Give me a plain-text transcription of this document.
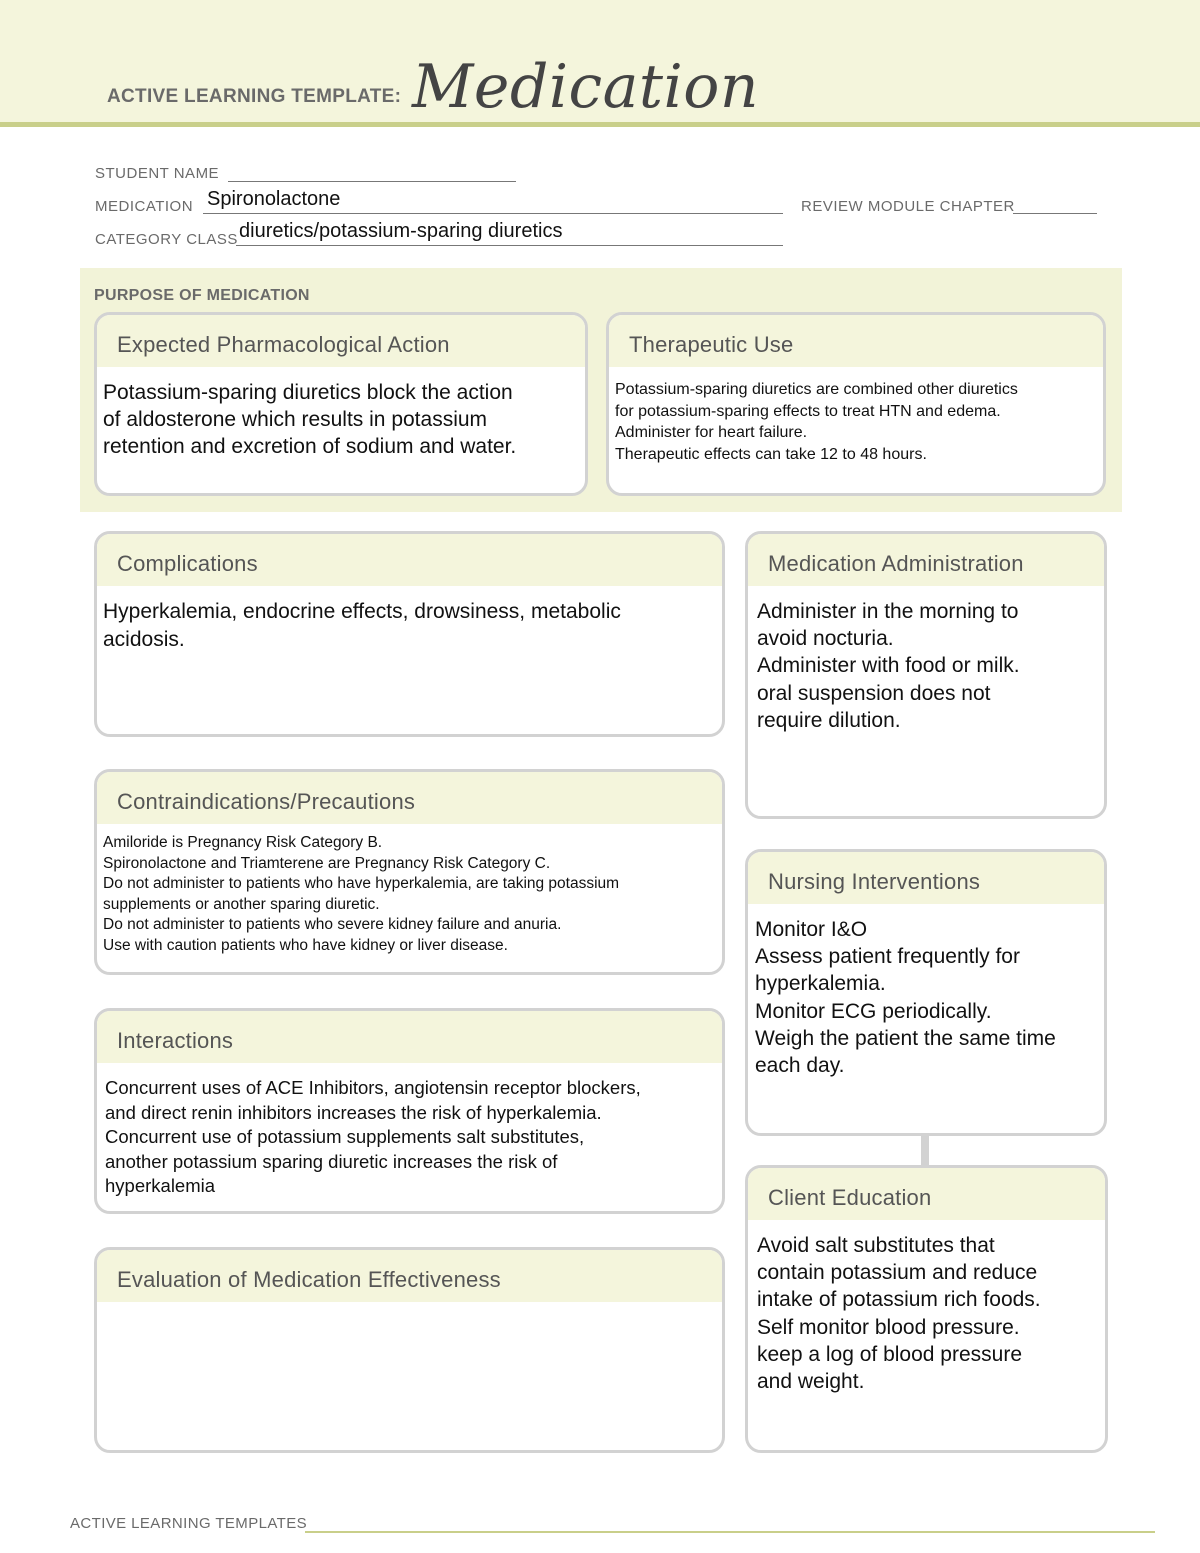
ACTIVE LEARNING TEMPLATE: Medication
STUDENT NAME
MEDICATION Spironolactone	REVIEW MODULE CHAPTER
CATEGORY CLASS diuretics/potassium-sparing diuretics
PURPOSE OF MEDICATION
Expected Pharmacological Action
Potassium-sparing diuretics block the action
of aldosterone which results in potassium
retention and excretion of sodium and water.
Therapeutic Use
Potassium-sparing diuretics are combined other diuretics
for potassium-sparing effects to treat HTN and edema.
Administer for heart failure.
Therapeutic effects can take 12 to 48 hours.
Complications
Hyperkalemia, endocrine effects, drowsiness, metabolic
acidosis.
Contraindications/Precautions
Amiloride is Pregnancy Risk Category B.
Spironolactone and Triamterene are Pregnancy Risk Category C.
Do not administer to patients who have hyperkalemia, are taking potassium
supplements or another sparing diuretic.
Do not administer to patients who severe kidney failure and anuria.
Use with caution patients who have kidney or liver disease.
Interactions
Concurrent uses of ACE Inhibitors, angiotensin receptor blockers,
and direct renin inhibitors increases the risk of hyperkalemia.
Concurrent use of potassium supplements salt substitutes,
another potassium sparing diuretic increases the risk of
hyperkalemia
Evaluation of Medication Effectiveness
Medication Administration
Administer in the morning to
avoid nocturia.
Administer with food or milk.
oral suspension does not
require dilution.
Nursing Interventions
Monitor I&O
Assess patient frequently for
hyperkalemia.
Monitor ECG periodically.
Weigh the patient the same time
each day.
Client Education
Avoid salt substitutes that
contain potassium and reduce
intake of potassium rich foods.
Self monitor blood pressure.
keep a log of blood pressure
and weight.
ACTIVE LEARNING TEMPLATES
